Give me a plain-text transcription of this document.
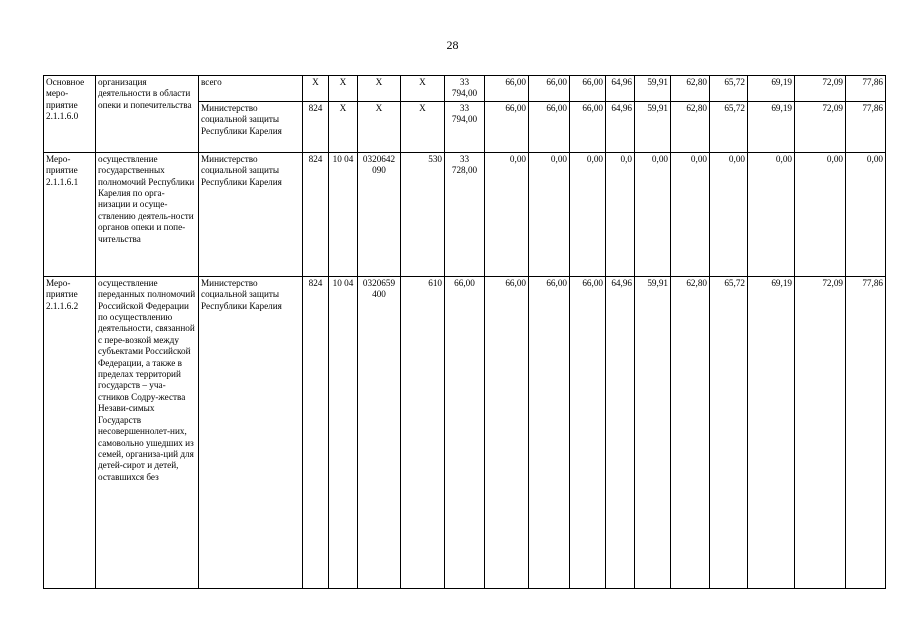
28
Основное меро-приятие 2.1.1.6.0	организация деятельности в области опеки и попечительства	всего	Х	Х	Х	Х	33 794,00	66,00	66,00	66,00	64,96	59,91	62,80	65,72	69,19	72,09	77,86
		Министерство социальной защиты Республики Карелия	824	Х	Х	Х	33 794,00	66,00	66,00	66,00	64,96	59,91	62,80	65,72	69,19	72,09	77,86
Меро-приятие 2.1.1.6.1	осуществление государственных полномочий Республики Карелия по орга-низации и осуще-ствлению деятель-ности органов опеки и попе-чительства	Министерство социальной защиты Республики Карелия	824	10 04	0320642 090	530	33 728,00	0,00	0,00	0,00	0,0	0,00	0,00	0,00	0,00	0,00	0,00
Меро-приятие 2.1.1.6.2	осуществление переданных полномочий Российской Федерации по осуществлению деятельности, связанной с пере-возкой между субъектами Российской Федерации, а также в пределах территорий государств – уча-стников Содру-жества Незави-симых Государств несовершеннолет-них, самовольно ушедших из семей, организа-ций для детей-сирот и детей, оставшихся без	Министерство социальной защиты Республики Карелия	824	10 04	0320659 400	610	66,00	66,00	66,00	66,00	64,96	59,91	62,80	65,72	69,19	72,09	77,86
